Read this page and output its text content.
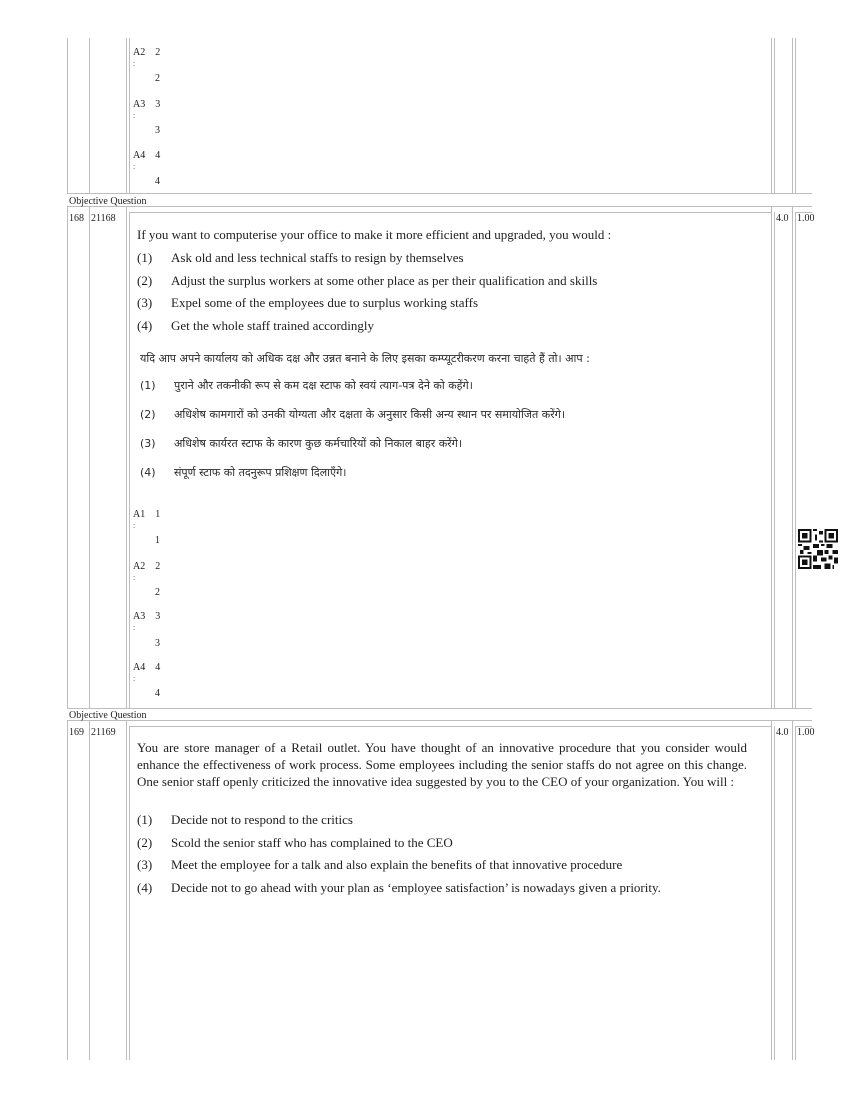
A2 2
:
2
A3 3
:
3
A4 4
:
4
Objective Question
168 21168	4.0 1.00
If you want to computerise your office to make it more efficient and upgraded, you would :
(1) Ask old and less technical staffs to resign by themselves
(2) Adjust the surplus workers at some other place as per their qualification and skills
(3) Expel some of the employees due to surplus working staffs
(4) Get the whole staff trained accordingly
यदि आप अपने कार्यालय को अधिक दक्ष और उन्नत बनाने के लिए इसका कम्प्यूटरीकरण करना चाहते हैं तो। आप :
(1) पुराने और तकनीकी रूप से कम दक्ष स्टाफ को स्वयं त्याग-पत्र देने को कहेंगे।
(2) अधिशेष कामगारों को उनकी योग्यता और दक्षता के अनुसार किसी अन्य स्थान पर समायोजित करेंगे।
(3) अधिशेष कार्यरत स्टाफ के कारण कुछ कर्मचारियों को निकाल बाहर करेंगे।
(4) संपूर्ण स्टाफ को तदनुरूप प्रशिक्षण दिलाएँगे।
A1 1
:
1
A2 2
:
2
A3 3
:
3
A4 4
:
4
Objective Question
169 21169	4.0 1.00
You are store manager of a Retail outlet. You have thought of an innovative procedure that you consider would enhance the effectiveness of work process. Some employees including the senior staffs do not agree on this change. One senior staff openly criticized the innovative idea suggested by you to the CEO of your organization. You will :
(1) Decide not to respond to the critics
(2) Scold the senior staff who has complained to the CEO
(3) Meet the employee for a talk and also explain the benefits of that innovative procedure
(4) Decide not to go ahead with your plan as ‘employee satisfaction’ is nowadays given a priority.
